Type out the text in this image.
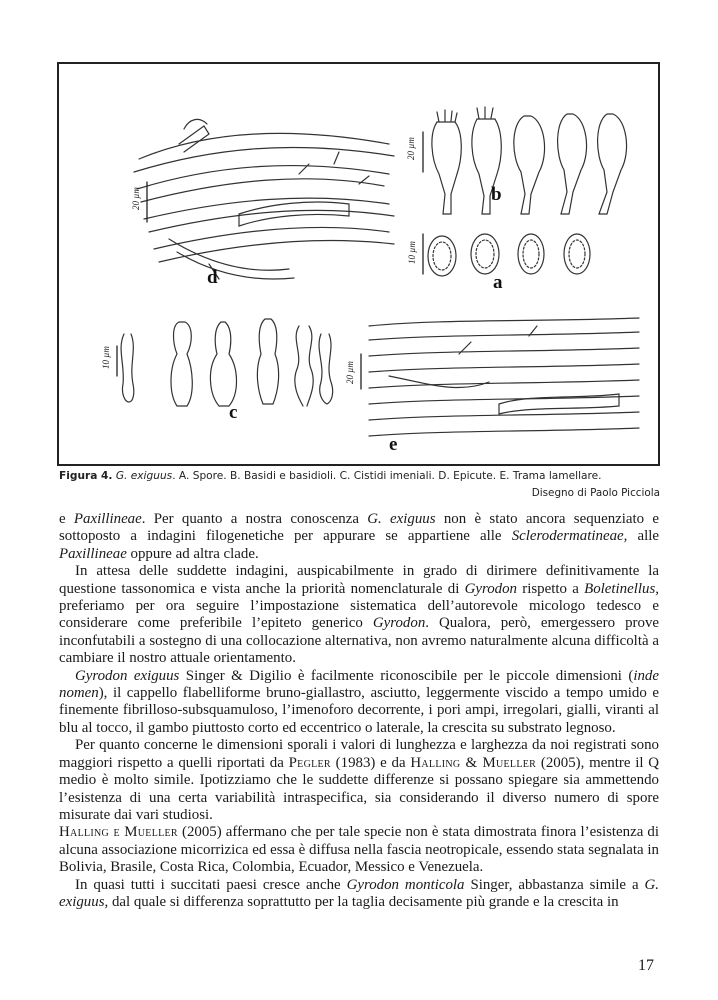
20 µm
20 µm
10 µm
10 µm
20 µm
a
b
c
d
e
Figura 4. G. exiguus. A. Spore. B. Basidi e basidioli. C. Cistidi imeniali. D. Epicute. E. Trama lamellare.
Disegno di Paolo Picciola

e Paxillineae. Per quanto a nostra conoscenza G. exiguus non è stato ancora sequenziato e sottoposto a indagini filogenetiche per appurare se appartiene alle Sclerodermatineae, alle Paxillineae oppure ad altra clade.

In attesa delle suddette indagini, auspicabilmente in grado di dirimere definitivamente la questione tassonomica e vista anche la priorità nomenclaturale di Gyrodon rispetto a Boletinellus, preferiamo per ora seguire l’impostazione sistematica dell’autorevole micologo tedesco e considerare come preferibile l’epiteto generico Gyrodon. Qualora, però, emergessero prove inconfutabili a sostegno di una collocazione alternativa, non avremo naturalmente alcuna difficoltà a cambiare il nostro attuale orientamento.

Gyrodon exiguus Singer & Digilio è facilmente riconoscibile per le piccole dimensioni (inde nomen), il cappello flabelliforme bruno-giallastro, asciutto, leggermente viscido a tempo umido e finemente fibrilloso-subsquamuloso, l’imenoforo decorrente, i pori ampi, irregolari, gialli, viranti al blu al tocco, il gambo piuttosto corto ed eccentrico o laterale, la crescita su substrato legnoso.

Per quanto concerne le dimensioni sporali i valori di lunghezza e larghezza da noi registrati sono maggiori rispetto a quelli riportati da Pegler (1983) e da Halling & Mueller (2005), mentre il Q medio è molto simile. Ipotizziamo che le suddette differenze si possano spiegare sia ammettendo l’esistenza di una certa variabilità intraspecifica, sia considerando il diverso numero di spore misurate dai vari studiosi.

Halling e Mueller (2005) affermano che per tale specie non è stata dimostrata finora l’esistenza di alcuna associazione micorrizica ed essa è diffusa nella fascia neotropicale, essendo stata segnalata in Bolivia, Brasile, Costa Rica, Colombia, Ecuador, Messico e Venezuela.

In quasi tutti i succitati paesi cresce anche Gyrodon monticola Singer, abbastanza simile a G. exiguus, dal quale si differenza soprattutto per la taglia decisamente più grande e la crescita in

17
